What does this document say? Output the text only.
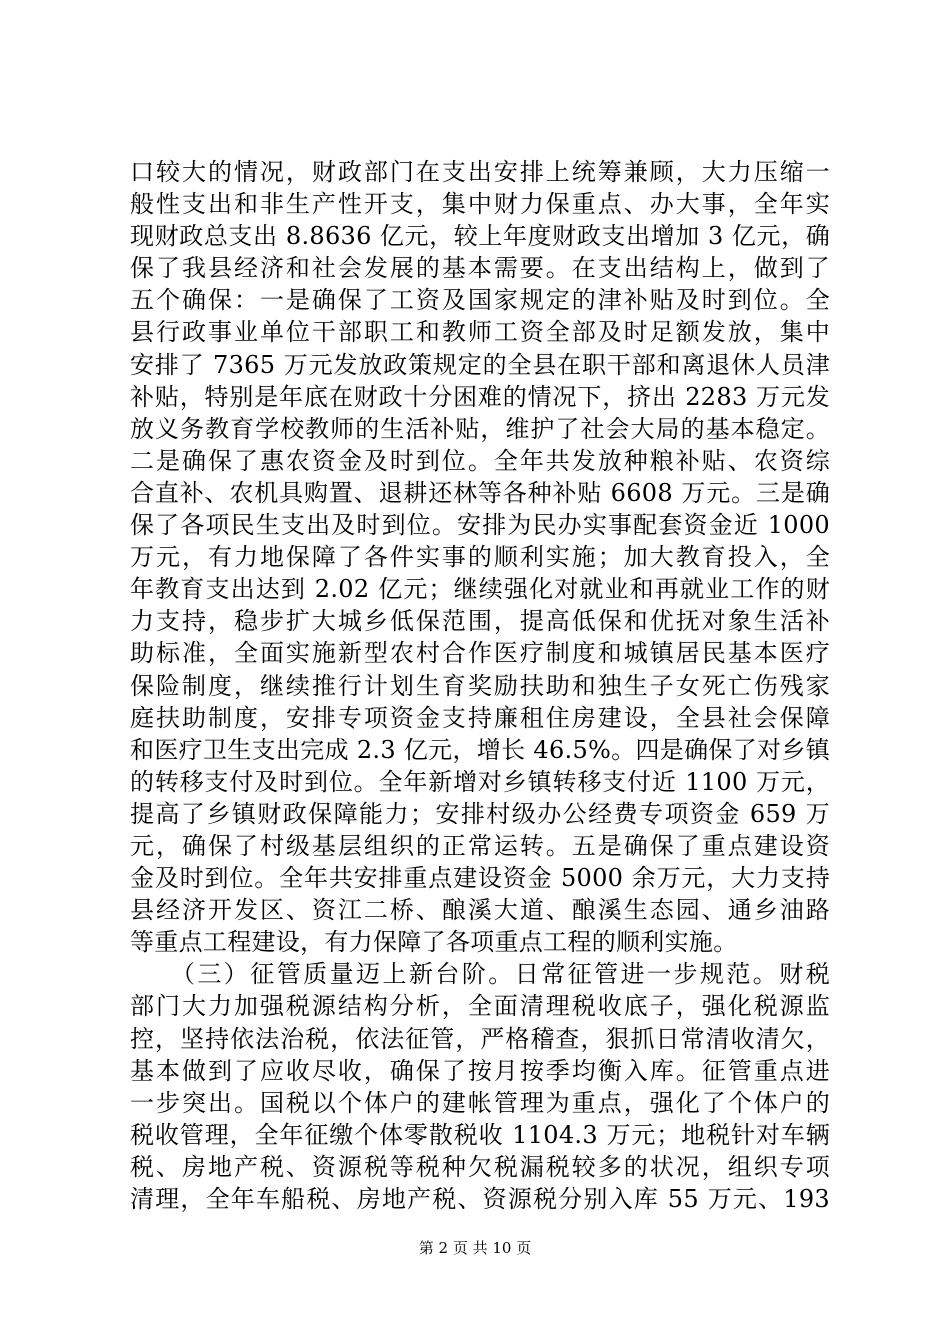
口较大的情况，财政部门在支出安排上统筹兼顾，大力压缩一
般性支出和非生产性开支，集中财力保重点、办大事，全年实
现财政总支出 8.8636 亿元，较上年度财政支出增加 3 亿元，确
保了我县经济和社会发展的基本需要。在支出结构上，做到了
五个确保：一是确保了工资及国家规定的津补贴及时到位。全
县行政事业单位干部职工和教师工资全部及时足额发放，集中
安排了 7365 万元发放政策规定的全县在职干部和离退休人员津
补贴，特别是年底在财政十分困难的情况下，挤出 2283 万元发
放义务教育学校教师的生活补贴，维护了社会大局的基本稳定。
二是确保了惠农资金及时到位。全年共发放种粮补贴、农资综
合直补、农机具购置、退耕还林等各种补贴 6608 万元。三是确
保了各项民生支出及时到位。安排为民办实事配套资金近 1000
万元，有力地保障了各件实事的顺利实施；加大教育投入，全
年教育支出达到 2.02 亿元；继续强化对就业和再就业工作的财
力支持，稳步扩大城乡低保范围，提高低保和优抚对象生活补
助标准，全面实施新型农村合作医疗制度和城镇居民基本医疗
保险制度，继续推行计划生育奖励扶助和独生子女死亡伤残家
庭扶助制度，安排专项资金支持廉租住房建设，全县社会保障
和医疗卫生支出完成 2.3 亿元，增长 46.5%。四是确保了对乡镇
的转移支付及时到位。全年新增对乡镇转移支付近 1100 万元，
提高了乡镇财政保障能力；安排村级办公经费专项资金 659 万
元，确保了村级基层组织的正常运转。五是确保了重点建设资
金及时到位。全年共安排重点建设资金 5000 余万元，大力支持
县经济开发区、资江二桥、酿溪大道、酿溪生态园、通乡油路
等重点工程建设，有力保障了各项重点工程的顺利实施。
　　（三）征管质量迈上新台阶。日常征管进一步规范。财税
部门大力加强税源结构分析，全面清理税收底子，强化税源监
控，坚持依法治税，依法征管，严格稽查，狠抓日常清收清欠，
基本做到了应收尽收，确保了按月按季均衡入库。征管重点进
一步突出。国税以个体户的建帐管理为重点，强化了个体户的
税收管理，全年征缴个体零散税收 1104.3 万元；地税针对车辆
税、房地产税、资源税等税种欠税漏税较多的状况，组织专项
清理，全年车船税、房地产税、资源税分别入库 55 万元、193
第 2 页 共 10 页
